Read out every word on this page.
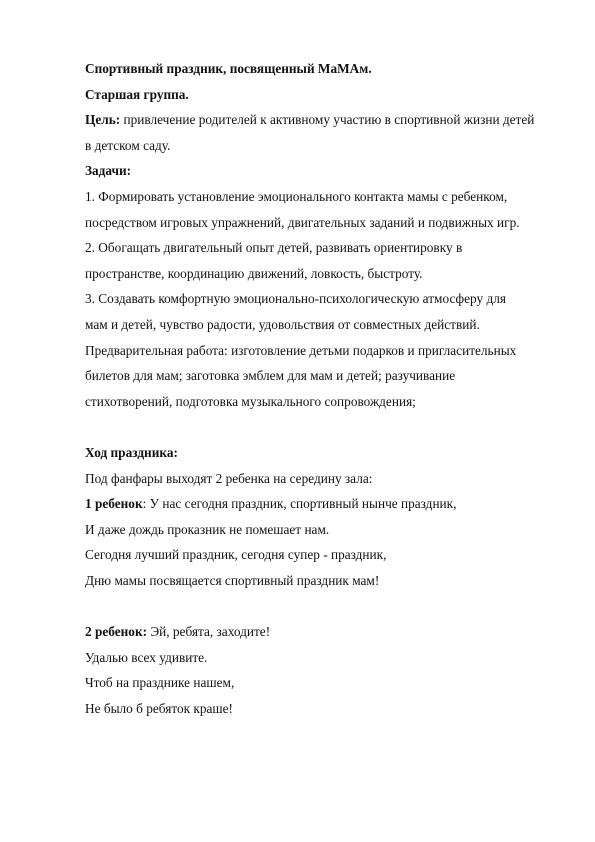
Спортивный праздник, посвященный МаМАм.
Старшая группа.
Цель: привлечение родителей к активному участию в спортивной жизни детей
в детском саду.
Задачи:
1. Формировать установление эмоционального контакта мамы с ребенком,
посредством игровых упражнений, двигательных заданий и подвижных игр.
2. Обогащать двигательный опыт детей, развивать ориентировку в
пространстве, координацию движений, ловкость, быстроту.
3. Создавать комфортную эмоционально-психологическую атмосферу для
мам и детей, чувство радости, удовольствия от совместных действий.
Предварительная работа: изготовление детьми подарков и пригласительных
билетов для мам; заготовка эмблем для мам и детей; разучивание
стихотворений, подготовка музыкального сопровождения;
Ход праздника:
Под фанфары выходят 2 ребенка на середину зала:
1 ребенок: У нас сегодня праздник, спортивный нынче праздник,
И даже дождь проказник не помешает нам.
Сегодня лучший праздник, сегодня супер - праздник,
Дню мамы посвящается спортивный праздник мам!
2 ребенок: Эй, ребята, заходите!
Удалью всех удивите.
Чтоб на празднике нашем,
Не было б ребяток краше!
